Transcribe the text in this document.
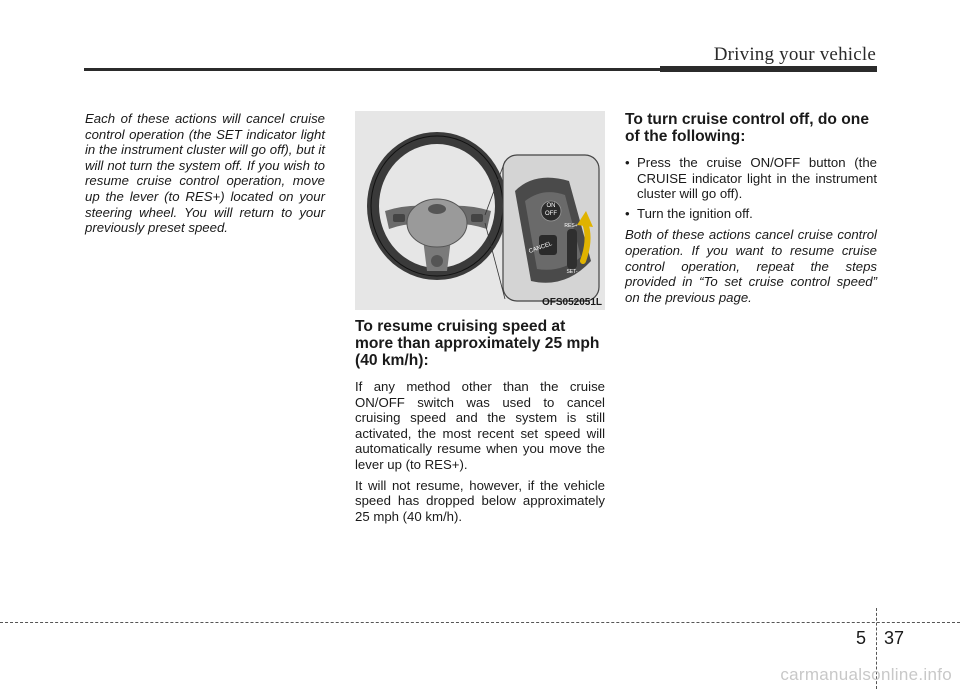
Driving your vehicle

Each of these actions will cancel cruise control operation (the SET indicator light in the instrument cluster will go off), but it will not turn the system off. If you wish to resume cruise control operation, move up the lever (to RES+) located on your steering wheel. You will return to your previously preset speed.

ON
OFF
CANCEL
RES+
SET-
OFS052051L
To resume cruising speed at more than approximately 25 mph (40 km/h):

If any method other than the cruise ON/OFF switch was used to cancel cruising speed and the system is still activated, the most recent set speed will automatically resume when you move the lever up (to RES+).

It will not resume, however, if the vehicle speed has dropped below approximately 25 mph (40 km/h).

To turn cruise control off, do one of the following:
• Press the cruise ON/OFF button (the CRUISE indicator light in the instrument cluster will go off).
• Turn the ignition off.

Both of these actions cancel cruise control operation. If you want to resume cruise control operation, repeat the steps provided in “To set cruise control speed” on the previous page.

5 37
carmanualsonline.info
